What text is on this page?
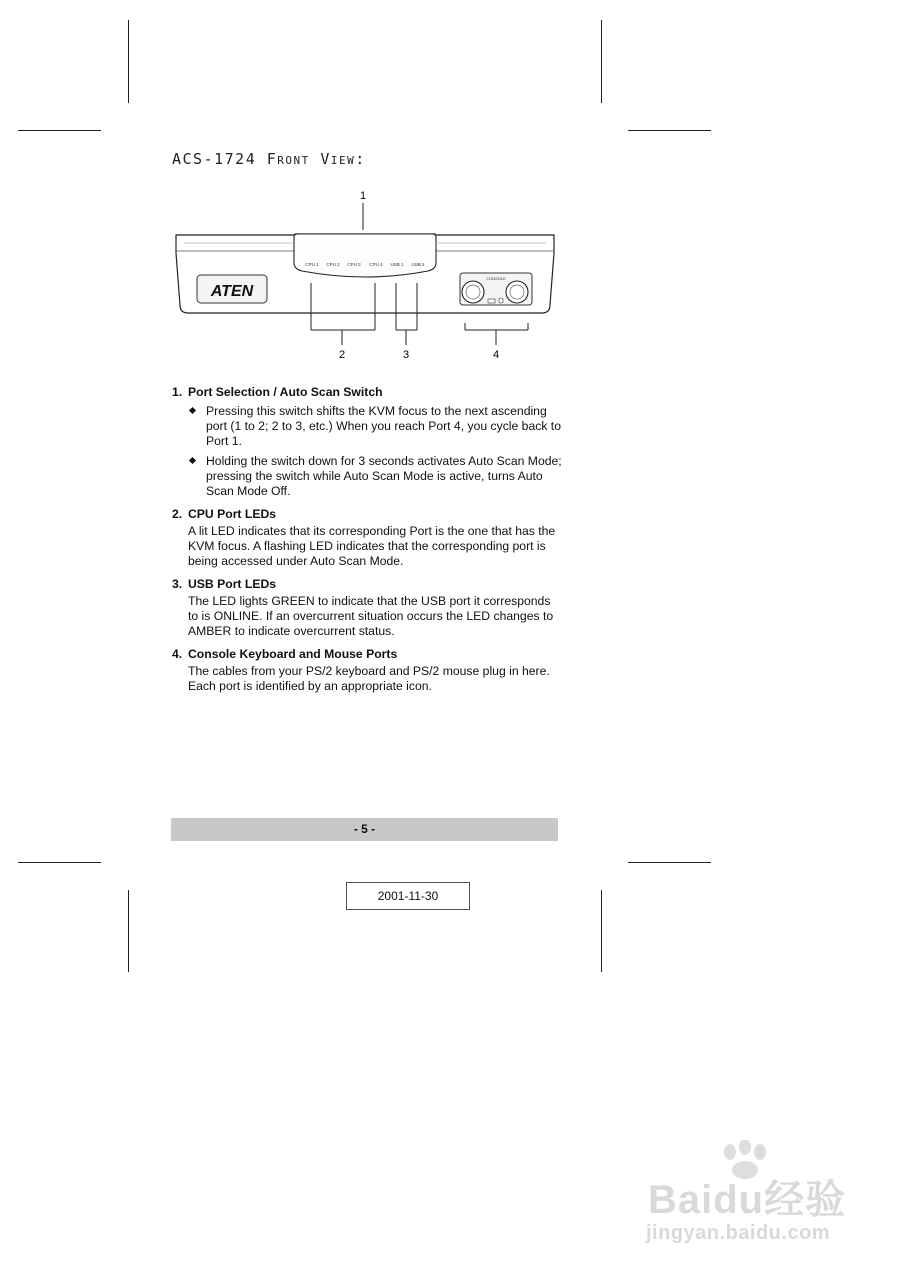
ACS-1724 Front View:
1
CPU 1 CPU 2 CPU 3 CPU 4 USB 1 USB 2
ATEN
CONSOLE
2	3	4

1. Port Selection / Auto Scan Switch

Pressing this switch shifts the KVM focus to the next ascending port (1 to 2; 2 to 3, etc.) When you reach Port 4, you cycle back to Port 1.
Holding the switch down for 3 seconds activates Auto Scan Mode; pressing the switch while Auto Scan Mode is active, turns Auto Scan Mode Off.

2. CPU Port LEDs

A lit LED indicates that its corresponding Port is the one that has the KVM focus. A flashing LED indicates that the corresponding port is being accessed under Auto Scan Mode.

3. USB Port LEDs

The LED lights GREEN to indicate that the USB port it corresponds to is ONLINE. If an overcurrent situation occurs the LED changes to AMBER to indicate overcurrent status.

4. Console Keyboard and Mouse Ports

The cables from your PS/2 keyboard and PS/2 mouse plug in here. Each port is identified by an appropriate icon.

- 5 -
2001-11-30
Baidu经验
jingyan.baidu.com
